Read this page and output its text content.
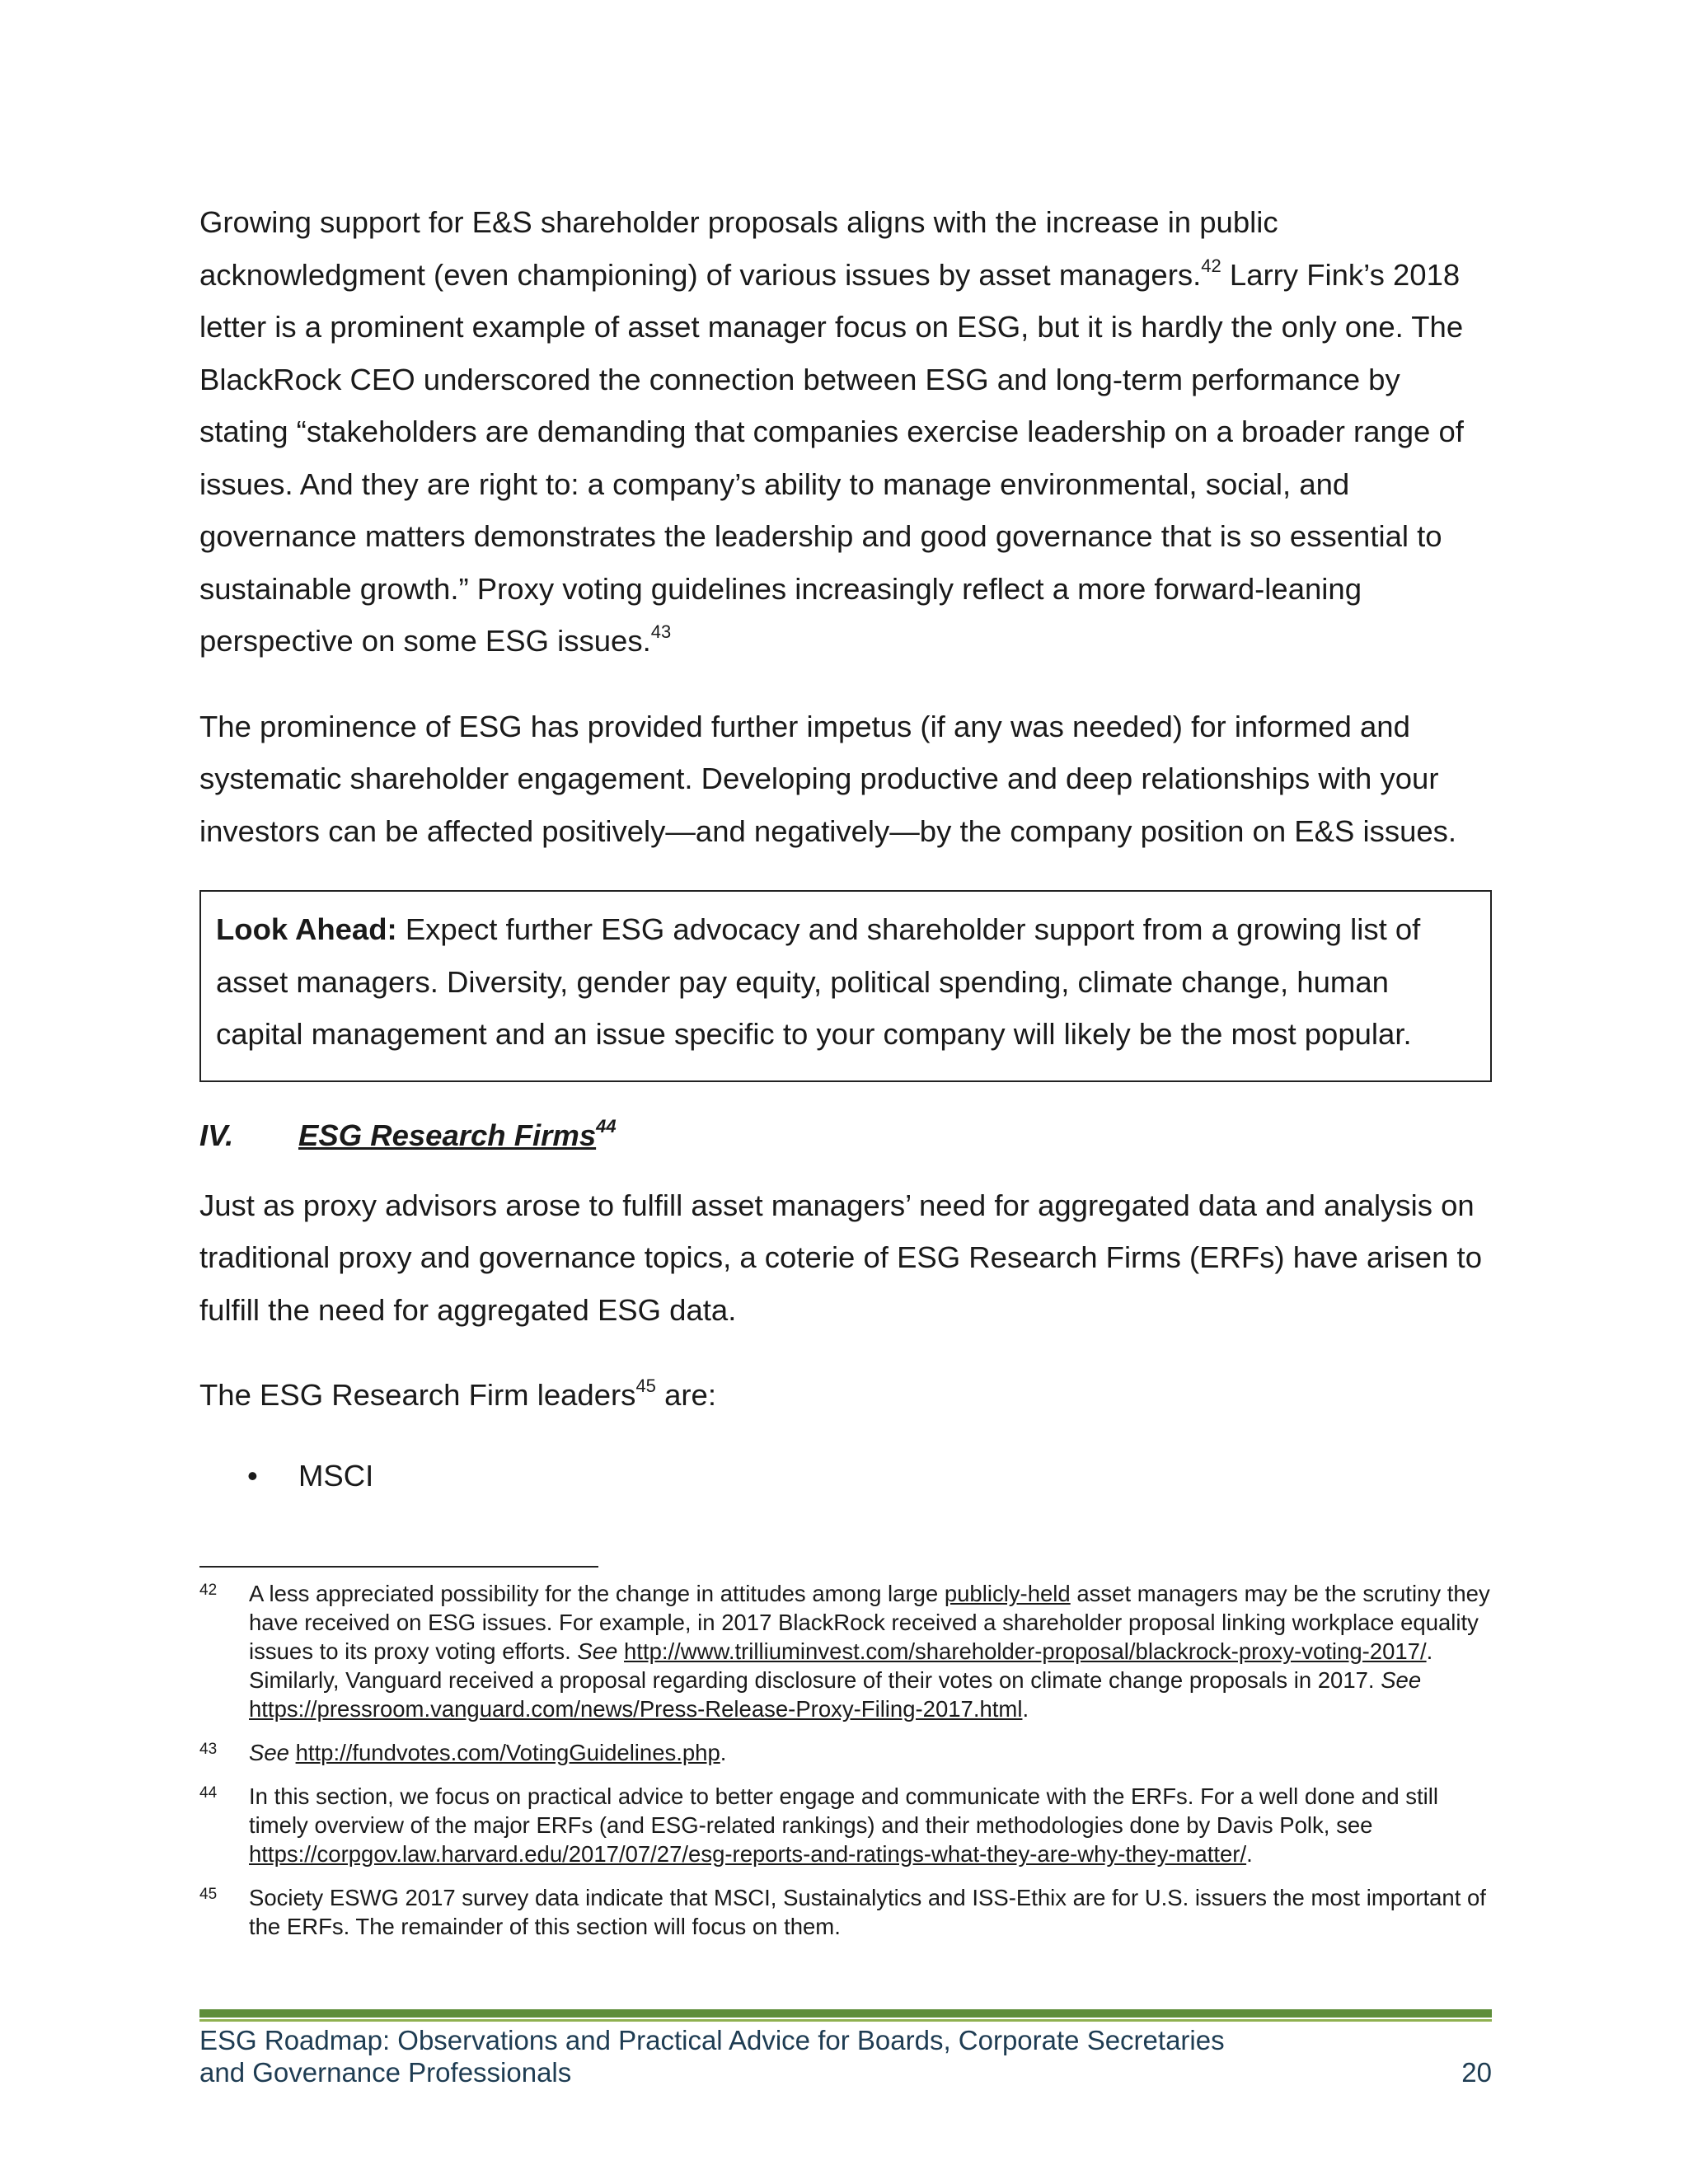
Growing support for E&S shareholder proposals aligns with the increase in public acknowledgment (even championing) of various issues by asset managers.$^{42}$ Larry Fink’s 2018 letter is a prominent example of asset manager focus on ESG, but it is hardly the only one. The BlackRock CEO underscored the connection between ESG and long-term performance by stating “stakeholders are demanding that companies exercise leadership on a broader range of issues. And they are right to: a company’s ability to manage environmental, social, and governance matters demonstrates the leadership and good governance that is so essential to sustainable growth.” Proxy voting guidelines increasingly reflect a more forward-leaning perspective on some ESG issues.$^{43}$

The prominence of ESG has provided further impetus (if any was needed) for informed and systematic shareholder engagement. Developing productive and deep relationships with your investors can be affected positively—and negatively—by the company position on E&S issues.

Look Ahead: Expect further ESG advocacy and shareholder support from a growing list of asset managers. Diversity, gender pay equity, political spending, climate change, human capital management and an issue specific to your company will likely be the most popular.
IV. ESG Research Firms$^{44}$

Just as proxy advisors arose to fulfill asset managers’ need for aggregated data and analysis on traditional proxy and governance topics, a coterie of ESG Research Firms (ERFs) have arisen to fulfill the need for aggregated ESG data.

The ESG Research Firm leaders$^{45}$ are:

• MSCI
42 A less appreciated possibility for the change in attitudes among large publicly-held asset managers may be the scrutiny they have received on ESG issues. For example, in 2017 BlackRock received a shareholder proposal linking workplace equality issues to its proxy voting efforts. See http://www.trilliuminvest.com/shareholder-proposal/blackrock-proxy-voting-2017/. Similarly, Vanguard received a proposal regarding disclosure of their votes on climate change proposals in 2017. See https://pressroom.vanguard.com/news/Press-Release-Proxy-Filing-2017.html.
43 See http://fundvotes.com/VotingGuidelines.php.
44 In this section, we focus on practical advice to better engage and communicate with the ERFs. For a well done and still timely overview of the major ERFs (and ESG-related rankings) and their methodologies done by Davis Polk, see https://corpgov.law.harvard.edu/2017/07/27/esg-reports-and-ratings-what-they-are-why-they-matter/.
45 Society ESWG 2017 survey data indicate that MSCI, Sustainalytics and ISS-Ethix are for U.S. issuers the most important of the ERFs. The remainder of this section will focus on them.
ESG Roadmap: Observations and Practical Advice for Boards, Corporate Secretaries
and Governance Professionals	20
